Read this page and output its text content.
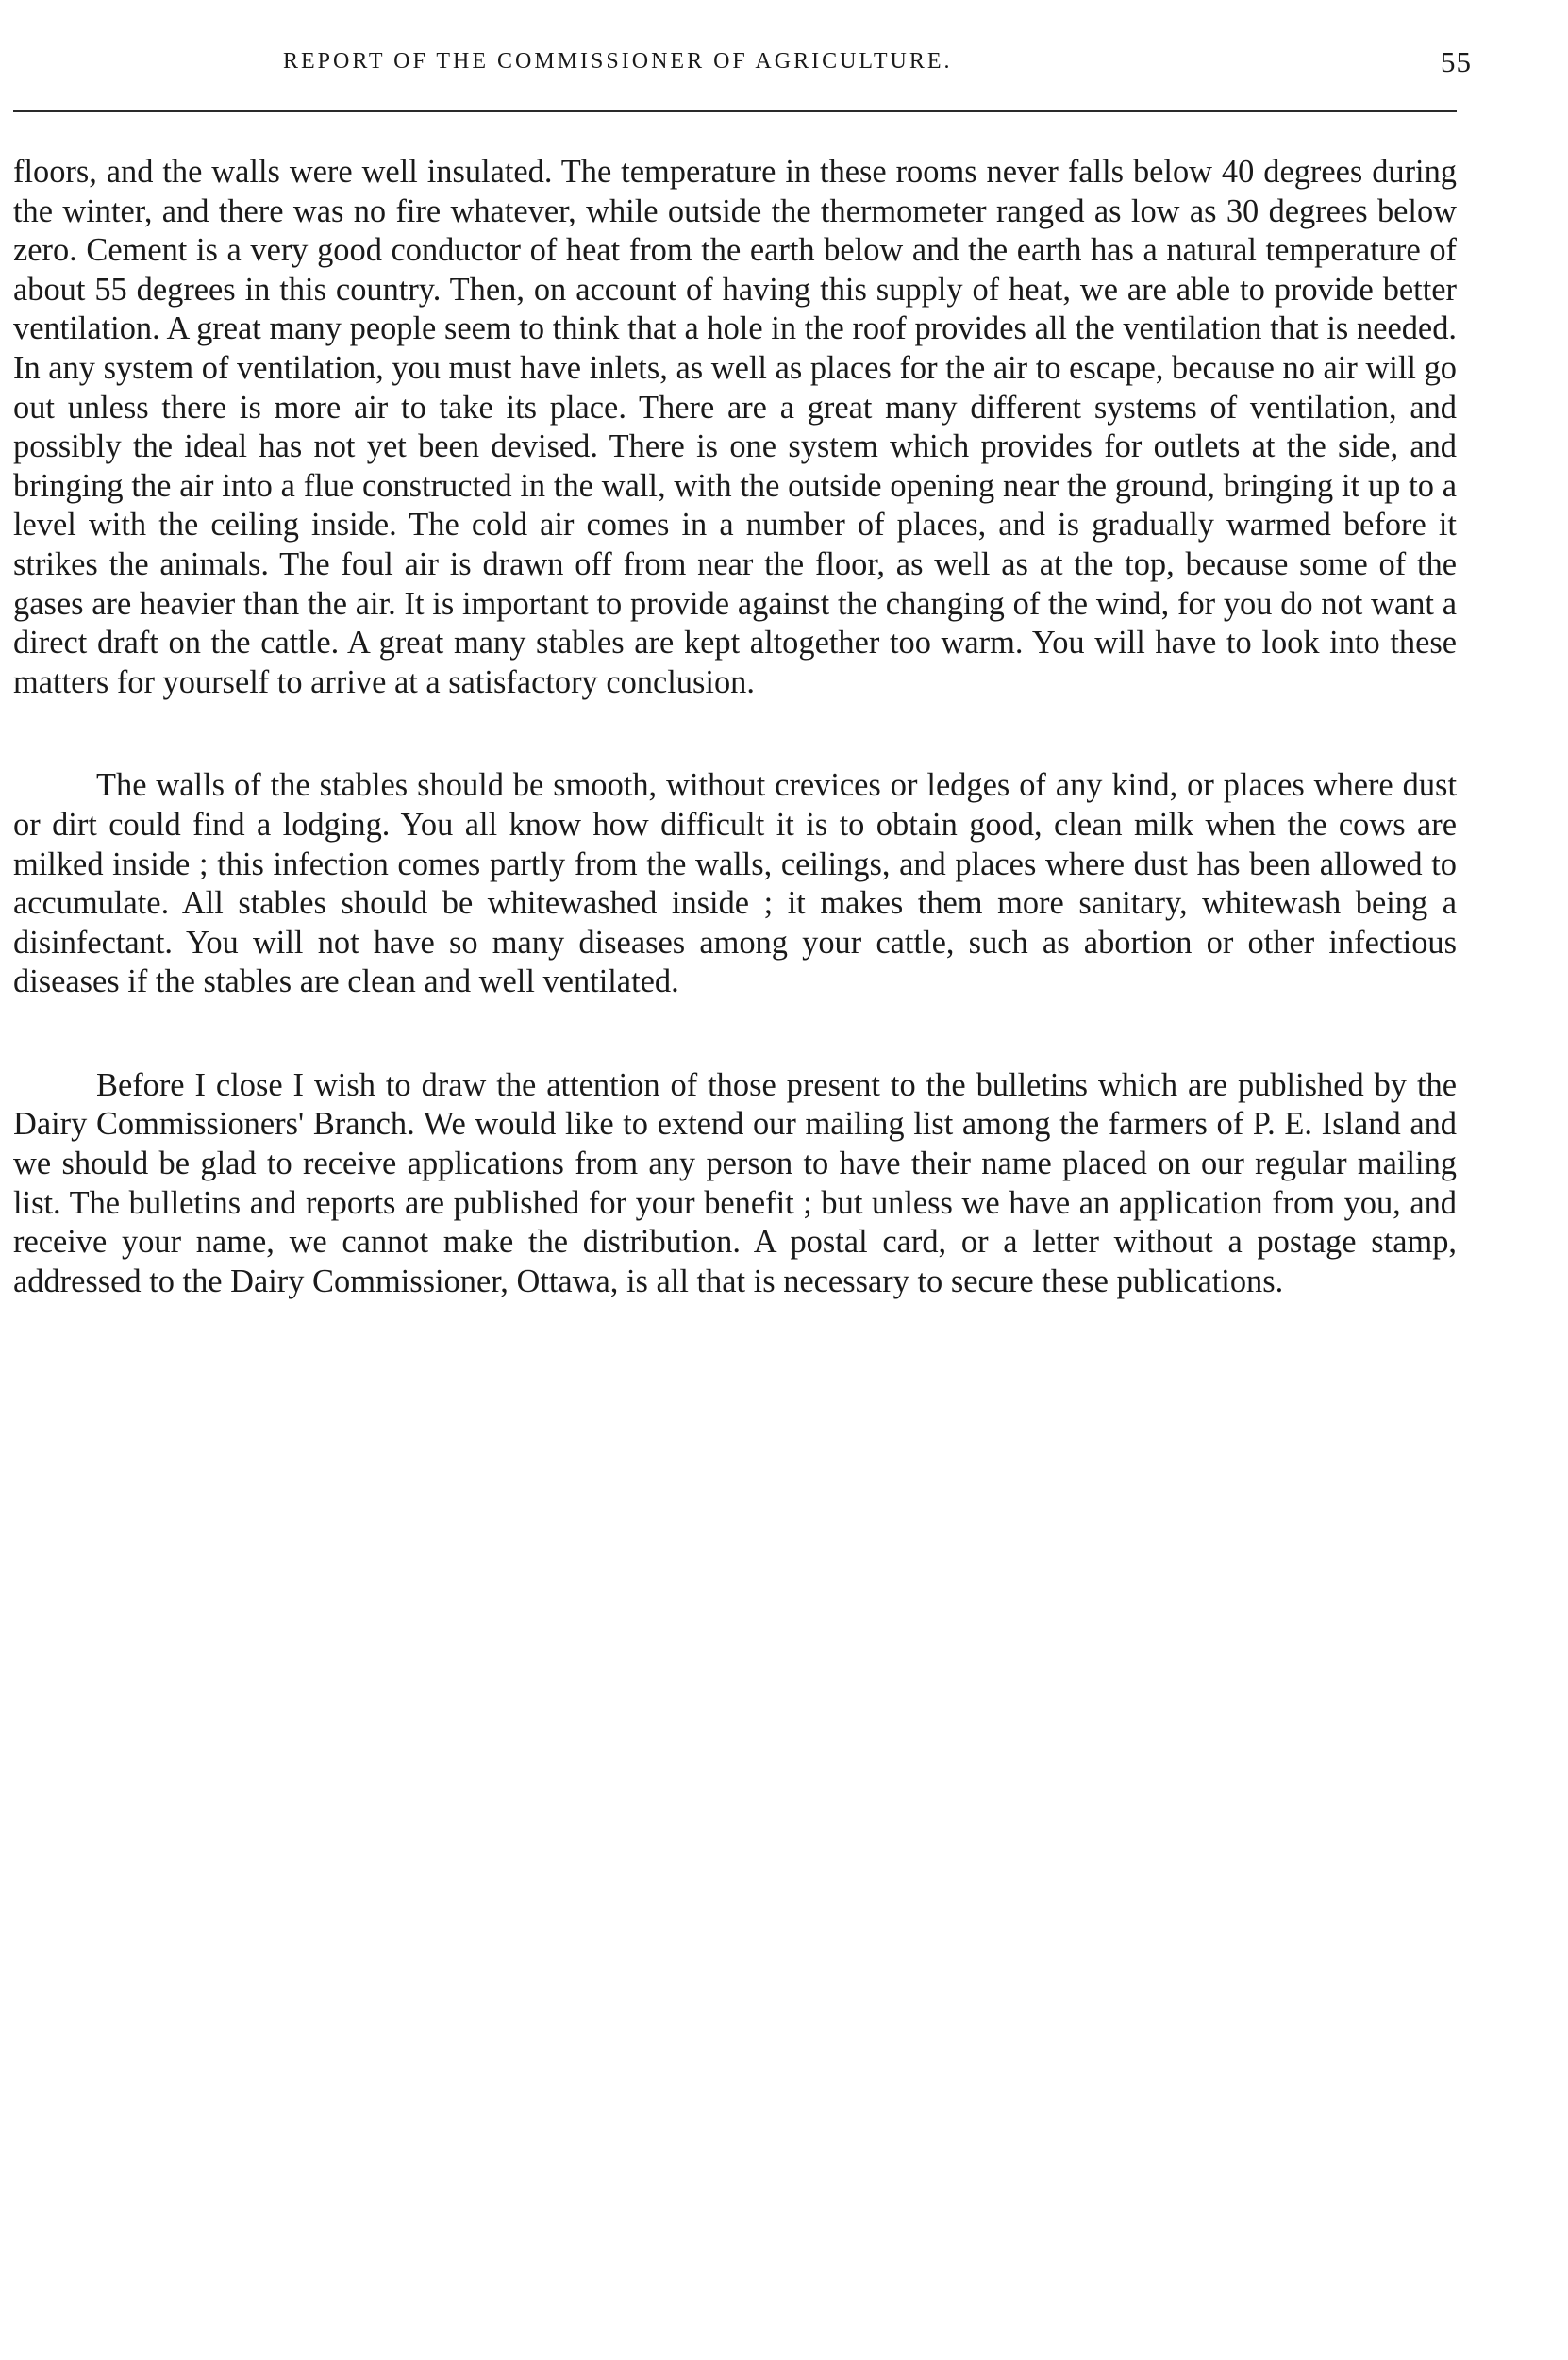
REPORT OF THE COMMISSIONER OF AGRICULTURE.	55

floors, and the walls were well insulated. The temperature in these rooms never falls below 40 degrees during the winter, and there was no fire whatever, while outside the thermometer ranged as low as 30 degrees below zero. Cement is a very good conductor of heat from the earth below and the earth has a natural temperature of about 55 degrees in this country. Then, on account of having this supply of heat, we are able to provide better ventilation. A great many people seem to think that a hole in the roof provides all the ventilation that is needed. In any system of ventilation, you must have inlets, as well as places for the air to escape, because no air will go out unless there is more air to take its place. There are a great many different systems of ventilation, and possibly the ideal has not yet been devised. There is one system which provides for outlets at the side, and bringing the air into a flue constructed in the wall, with the outside opening near the ground, bringing it up to a level with the ceiling inside. The cold air comes in a number of places, and is gradually warmed before it strikes the animals. The foul air is drawn off from near the floor, as well as at the top, because some of the gases are heavier than the air. It is important to provide against the changing of the wind, for you do not want a direct draft on the cattle. A great many stables are kept altogether too warm. You will have to look into these matters for yourself to arrive at a satisfactory conclusion.

The walls of the stables should be smooth, without crevices or ledges of any kind, or places where dust or dirt could find a lodging. You all know how difficult it is to obtain good, clean milk when the cows are milked inside ; this infection comes partly from the walls, ceilings, and places where dust has been allowed to accumulate. All stables should be whitewashed inside ; it makes them more sanitary, whitewash being a disinfectant. You will not have so many diseases among your cattle, such as abortion or other infectious diseases if the stables are clean and well ventilated.

Before I close I wish to draw the attention of those present to the bulletins which are published by the Dairy Commissioners' Branch. We would like to extend our mailing list among the farmers of P. E. Island and we should be glad to receive applications from any person to have their name placed on our regular mailing list. The bulletins and reports are published for your benefit ; but unless we have an application from you, and receive your name, we cannot make the distribution. A postal card, or a letter without a postage stamp, addressed to the Dairy Commissioner, Ottawa, is all that is necessary to secure these publications.
